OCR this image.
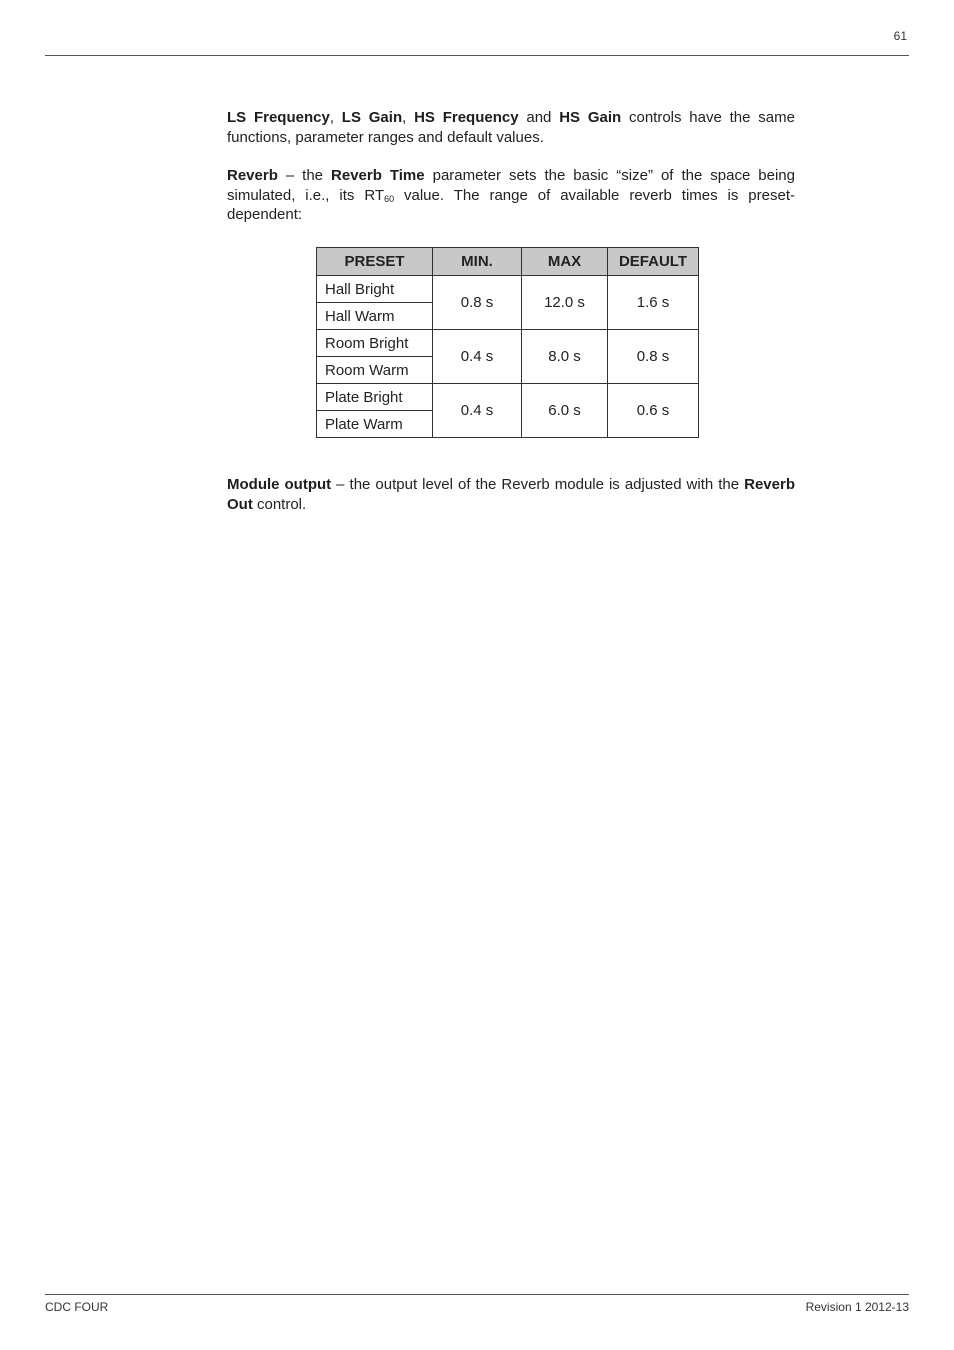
61

LS Frequency, LS Gain, HS Frequency and HS Gain controls have the same functions, parameter ranges and default values.

Reverb – the Reverb Time parameter sets the basic “size” of the space being simulated, i.e., its $RT_{60}$ value. The range of available reverb times is preset-dependent:

PRESET	MIN.	MAX	DEFAULT
Hall Bright	0.8 s	12.0 s	1.6 s
Hall Warm			
Room Bright	0.4 s	8.0 s	0.8 s
Room Warm			
Plate Bright	0.4 s	6.0 s	0.6 s
Plate Warm			

Module output – the output level of the Reverb module is adjusted with the Reverb Out control.

CDC FOUR	Revision 1 2012-13
